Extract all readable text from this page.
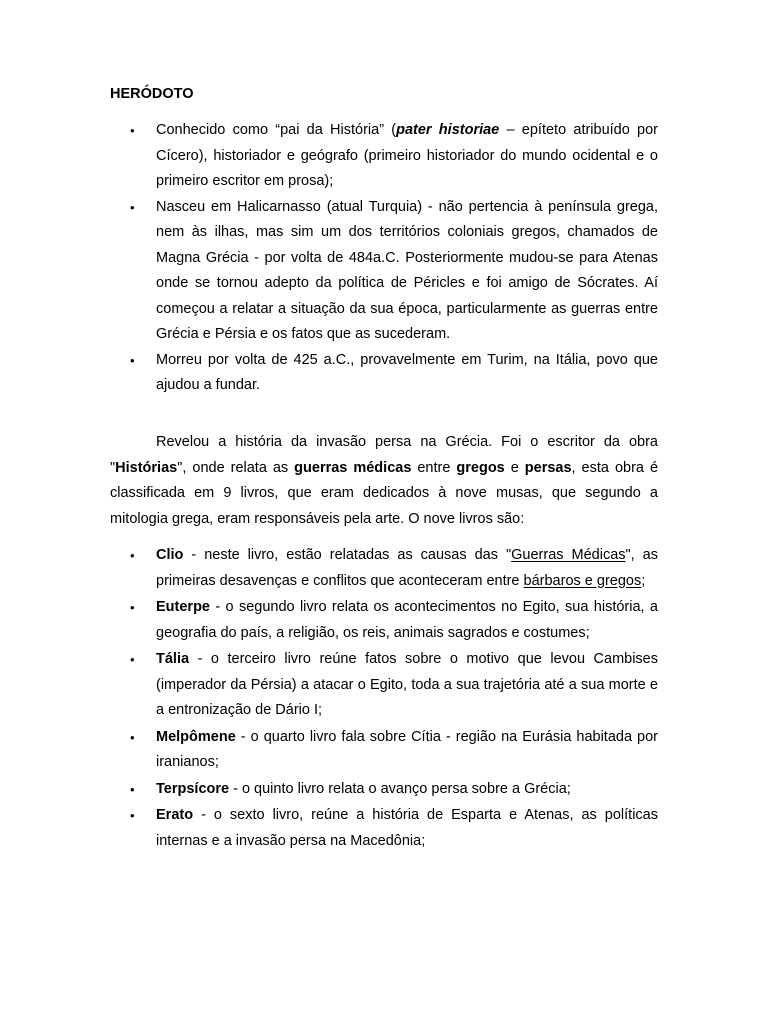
HERÓDOTO
• Conhecido como “pai da História” (pater historiae – epíteto atribuído por Cícero), historiador e geógrafo (primeiro historiador do mundo ocidental e o primeiro escritor em prosa);

• Nasceu em Halicarnasso (atual Turquia) - não pertencia à península grega, nem às ilhas, mas sim um dos territórios coloniais gregos, chamados de Magna Grécia - por volta de 484a.C. Posteriormente mudou-se para Atenas onde se tornou adepto da política de Péricles e foi amigo de Sócrates. Aí começou a relatar a situação da sua época, particularmente as guerras entre Grécia e Pérsia e os fatos que as sucederam.

• Morreu por volta de 425 a.C., provavelmente em Turim, na Itália, povo que ajudou a fundar.

Revelou a história da invasão persa na Grécia. Foi o escritor da obra "Histórias", onde relata as guerras médicas entre gregos e persas, esta obra é classificada em 9 livros, que eram dedicados à nove musas, que segundo a mitologia grega, eram responsáveis pela arte. O nove livros são:

• Clio - neste livro, estão relatadas as causas das "Guerras Médicas", as primeiras desavenças e conflitos que aconteceram entre bárbaros e gregos;

• Euterpe - o segundo livro relata os acontecimentos no Egito, sua história, a geografia do país, a religião, os reis, animais sagrados e costumes;

• Tália - o terceiro livro reúne fatos sobre o motivo que levou Cambises (imperador da Pérsia) a atacar o Egito, toda a sua trajetória até a sua morte e a entronização de Dário I;

• Melpômene - o quarto livro fala sobre Cítia - região na Eurásia habitada por iranianos;

• Terpsícore - o quinto livro relata o avanço persa sobre a Grécia;

• Erato - o sexto livro, reúne a história de Esparta e Atenas, as políticas internas e a invasão persa na Macedônia;
